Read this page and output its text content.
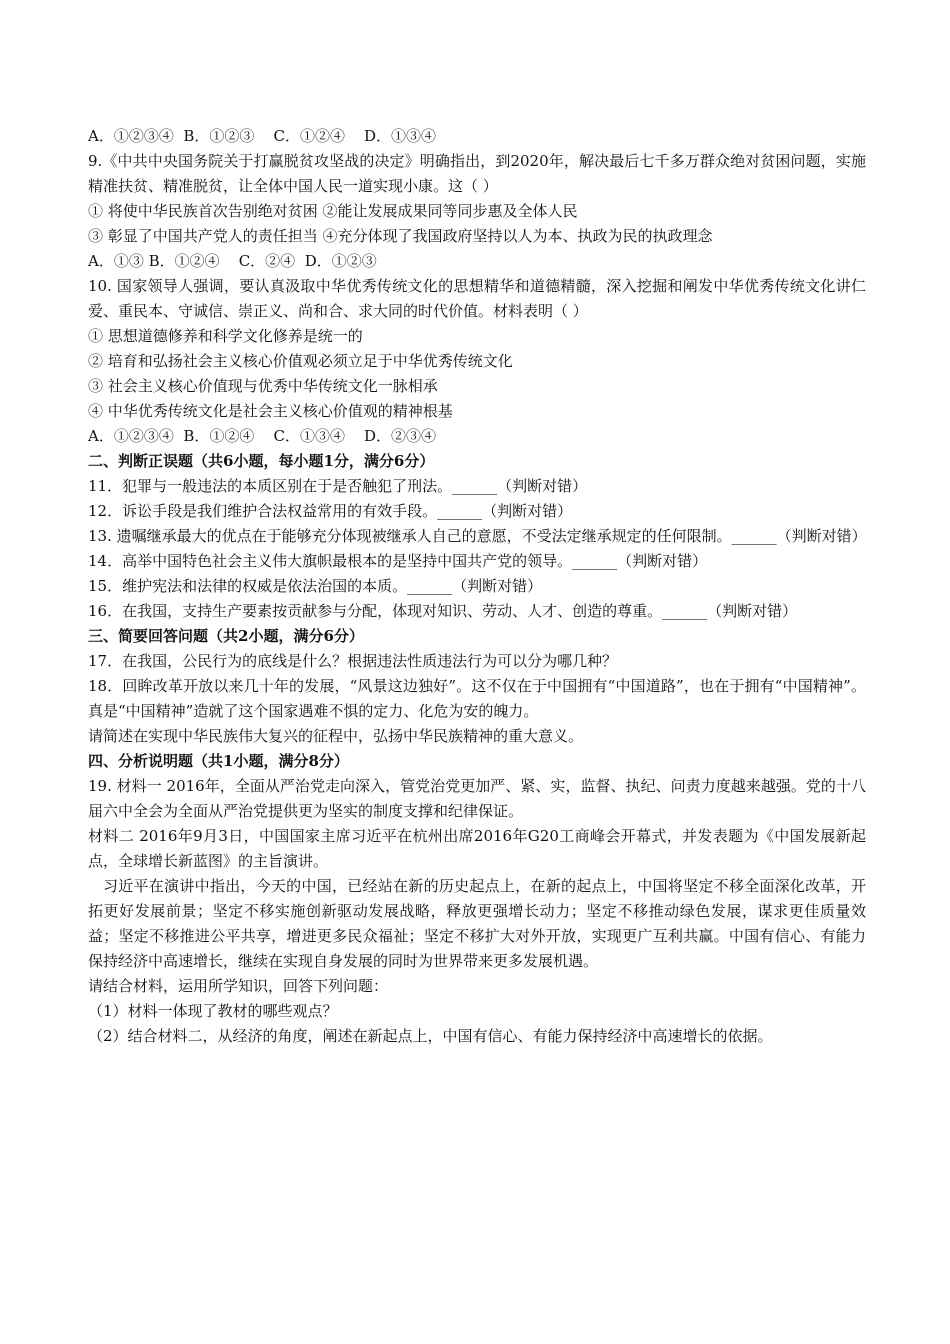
A．①②③④  B．①②③    C．①②④    D．①③④
9.《中共中央国务院关于打赢脱贫攻坚战的决定》明确指出，到2020年，解决最后七千多万群众绝对贫困问题，实施精准扶贫、精准脱贫，让全体中国人民一道实现小康。这（ ）
① 将使中华民族首次告别绝对贫困 ②能让发展成果同等同步惠及全体人民
③ 彰显了中国共产党人的责任担当 ④充分体现了我国政府坚持以人为本、执政为民的执政理念
A．①③ B．①②④    C．②④  D．①②③
10. 国家领导人强调，要认真汲取中华优秀传统文化的思想精华和道德精髓，深入挖掘和阐发中华优秀传统文化讲仁爱、重民本、守诚信、崇正义、尚和合、求大同的时代价值。材料表明（ ）
① 思想道德修养和科学文化修养是统一的
② 培育和弘扬社会主义核心价值观必须立足于中华优秀传统文化
③ 社会主义核心价值现与优秀中华传统文化一脉相承
④ 中华优秀传统文化是社会主义核心价值观的精神根基
A．①②③④  B．①②④    C．①③④    D．②③④
二、判断正误题（共6小题，每小题1分，满分6分）
11．犯罪与一般违法的本质区别在于是否触犯了刑法。______（判断对错）
12．诉讼手段是我们维护合法权益常用的有效手段。______（判断对错）
13. 遗嘱继承最大的优点在于能够充分体现被继承人自己的意愿，不受法定继承规定的任何限制。______（判断对错）
14．高举中国特色社会主义伟大旗帜最根本的是坚持中国共产党的领导。______（判断对错）
15．维护宪法和法律的权威是依法治国的本质。______（判断对错）
16．在我国，支持生产要素按贡献参与分配，体现对知识、劳动、人才、创造的尊重。______（判断对错）
三、简要回答问题（共2小题，满分6分）
17．在我国，公民行为的底线是什么？根据违法性质违法行为可以分为哪几种？
18．回眸改革开放以来几十年的发展，“风景这边独好”。这不仅在于中国拥有“中国道路”，也在于拥有“中国精神”。真是“中国精神”造就了这个国家遇难不惧的定力、化危为安的魄力。
请简述在实现中华民族伟大复兴的征程中，弘扬中华民族精神的重大意义。
四、分析说明题（共1小题，满分8分）
19. 材料一 2016年，全面从严治党走向深入，管党治党更加严、紧、实，监督、执纪、问责力度越来越强。党的十八届六中全会为全面从严治党提供更为坚实的制度支撑和纪律保证。
材料二 2016年9月3日，中国国家主席习近平在杭州出席2016年G20工商峰会开幕式，并发表题为《中国发展新起点，全球增长新蓝图》的主旨演讲。
习近平在演讲中指出，今天的中国，已经站在新的历史起点上，在新的起点上，中国将坚定不移全面深化改革，开拓更好发展前景；坚定不移实施创新驱动发展战略，释放更强增长动力；坚定不移推动绿色发展，谋求更佳质量效益；坚定不移推进公平共享，增进更多民众福祉；坚定不移扩大对外开放，实现更广互利共赢。中国有信心、有能力保持经济中高速增长，继续在实现自身发展的同时为世界带来更多发展机遇。
请结合材料，运用所学知识，回答下列问题：
（1）材料一体现了教材的哪些观点？
（2）结合材料二，从经济的角度，阐述在新起点上，中国有信心、有能力保持经济中高速增长的依据。
